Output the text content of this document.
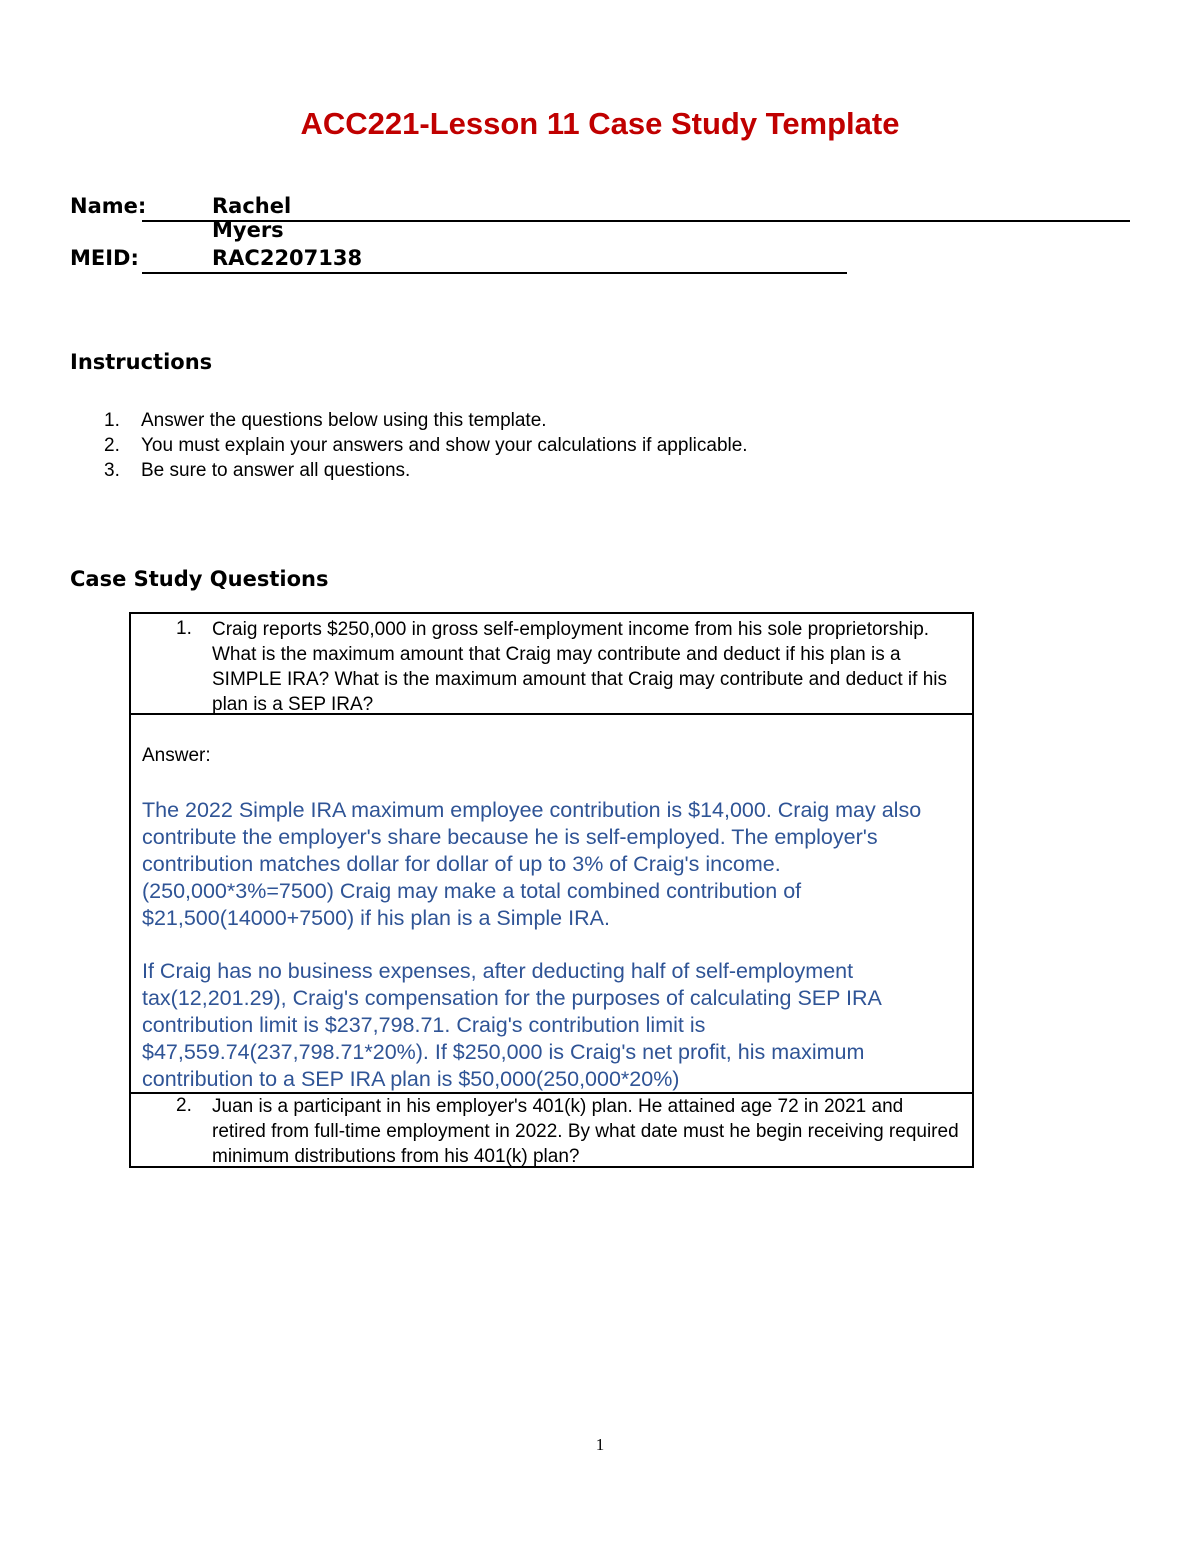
ACC221-Lesson 11 Case Study Template
Name:	Rachel Myers
MEID:	RAC2207138
Instructions
1. Answer the questions below using this template.
2. You must explain your answers and show your calculations if applicable.
3. Be sure to answer all questions.
Case Study Questions
1. Craig reports $250,000 in gross self-employment income from his sole proprietorship. What is the maximum amount that Craig may contribute and deduct if his plan is a SIMPLE IRA? What is the maximum amount that Craig may contribute and deduct if his plan is a SEP IRA?
Answer:
The 2022 Simple IRA maximum employee contribution is $14,000. Craig may also contribute the employer's share because he is self-employed. The employer's contribution matches dollar for dollar of up to 3% of Craig's income. (250,000*3%=7500) Craig may make a total combined contribution of $21,500(14000+7500) if his plan is a Simple IRA.
If Craig has no business expenses, after deducting half of self-employment tax(12,201.29), Craig's compensation for the purposes of calculating SEP IRA contribution limit is $237,798.71. Craig's contribution limit is $47,559.74(237,798.71*20%). If $250,000 is Craig's net profit, his maximum contribution to a SEP IRA plan is $50,000(250,000*20%)
2. Juan is a participant in his employer's 401(k) plan. He attained age 72 in 2021 and retired from full-time employment in 2022. By what date must he begin receiving required minimum distributions from his 401(k) plan?
1
